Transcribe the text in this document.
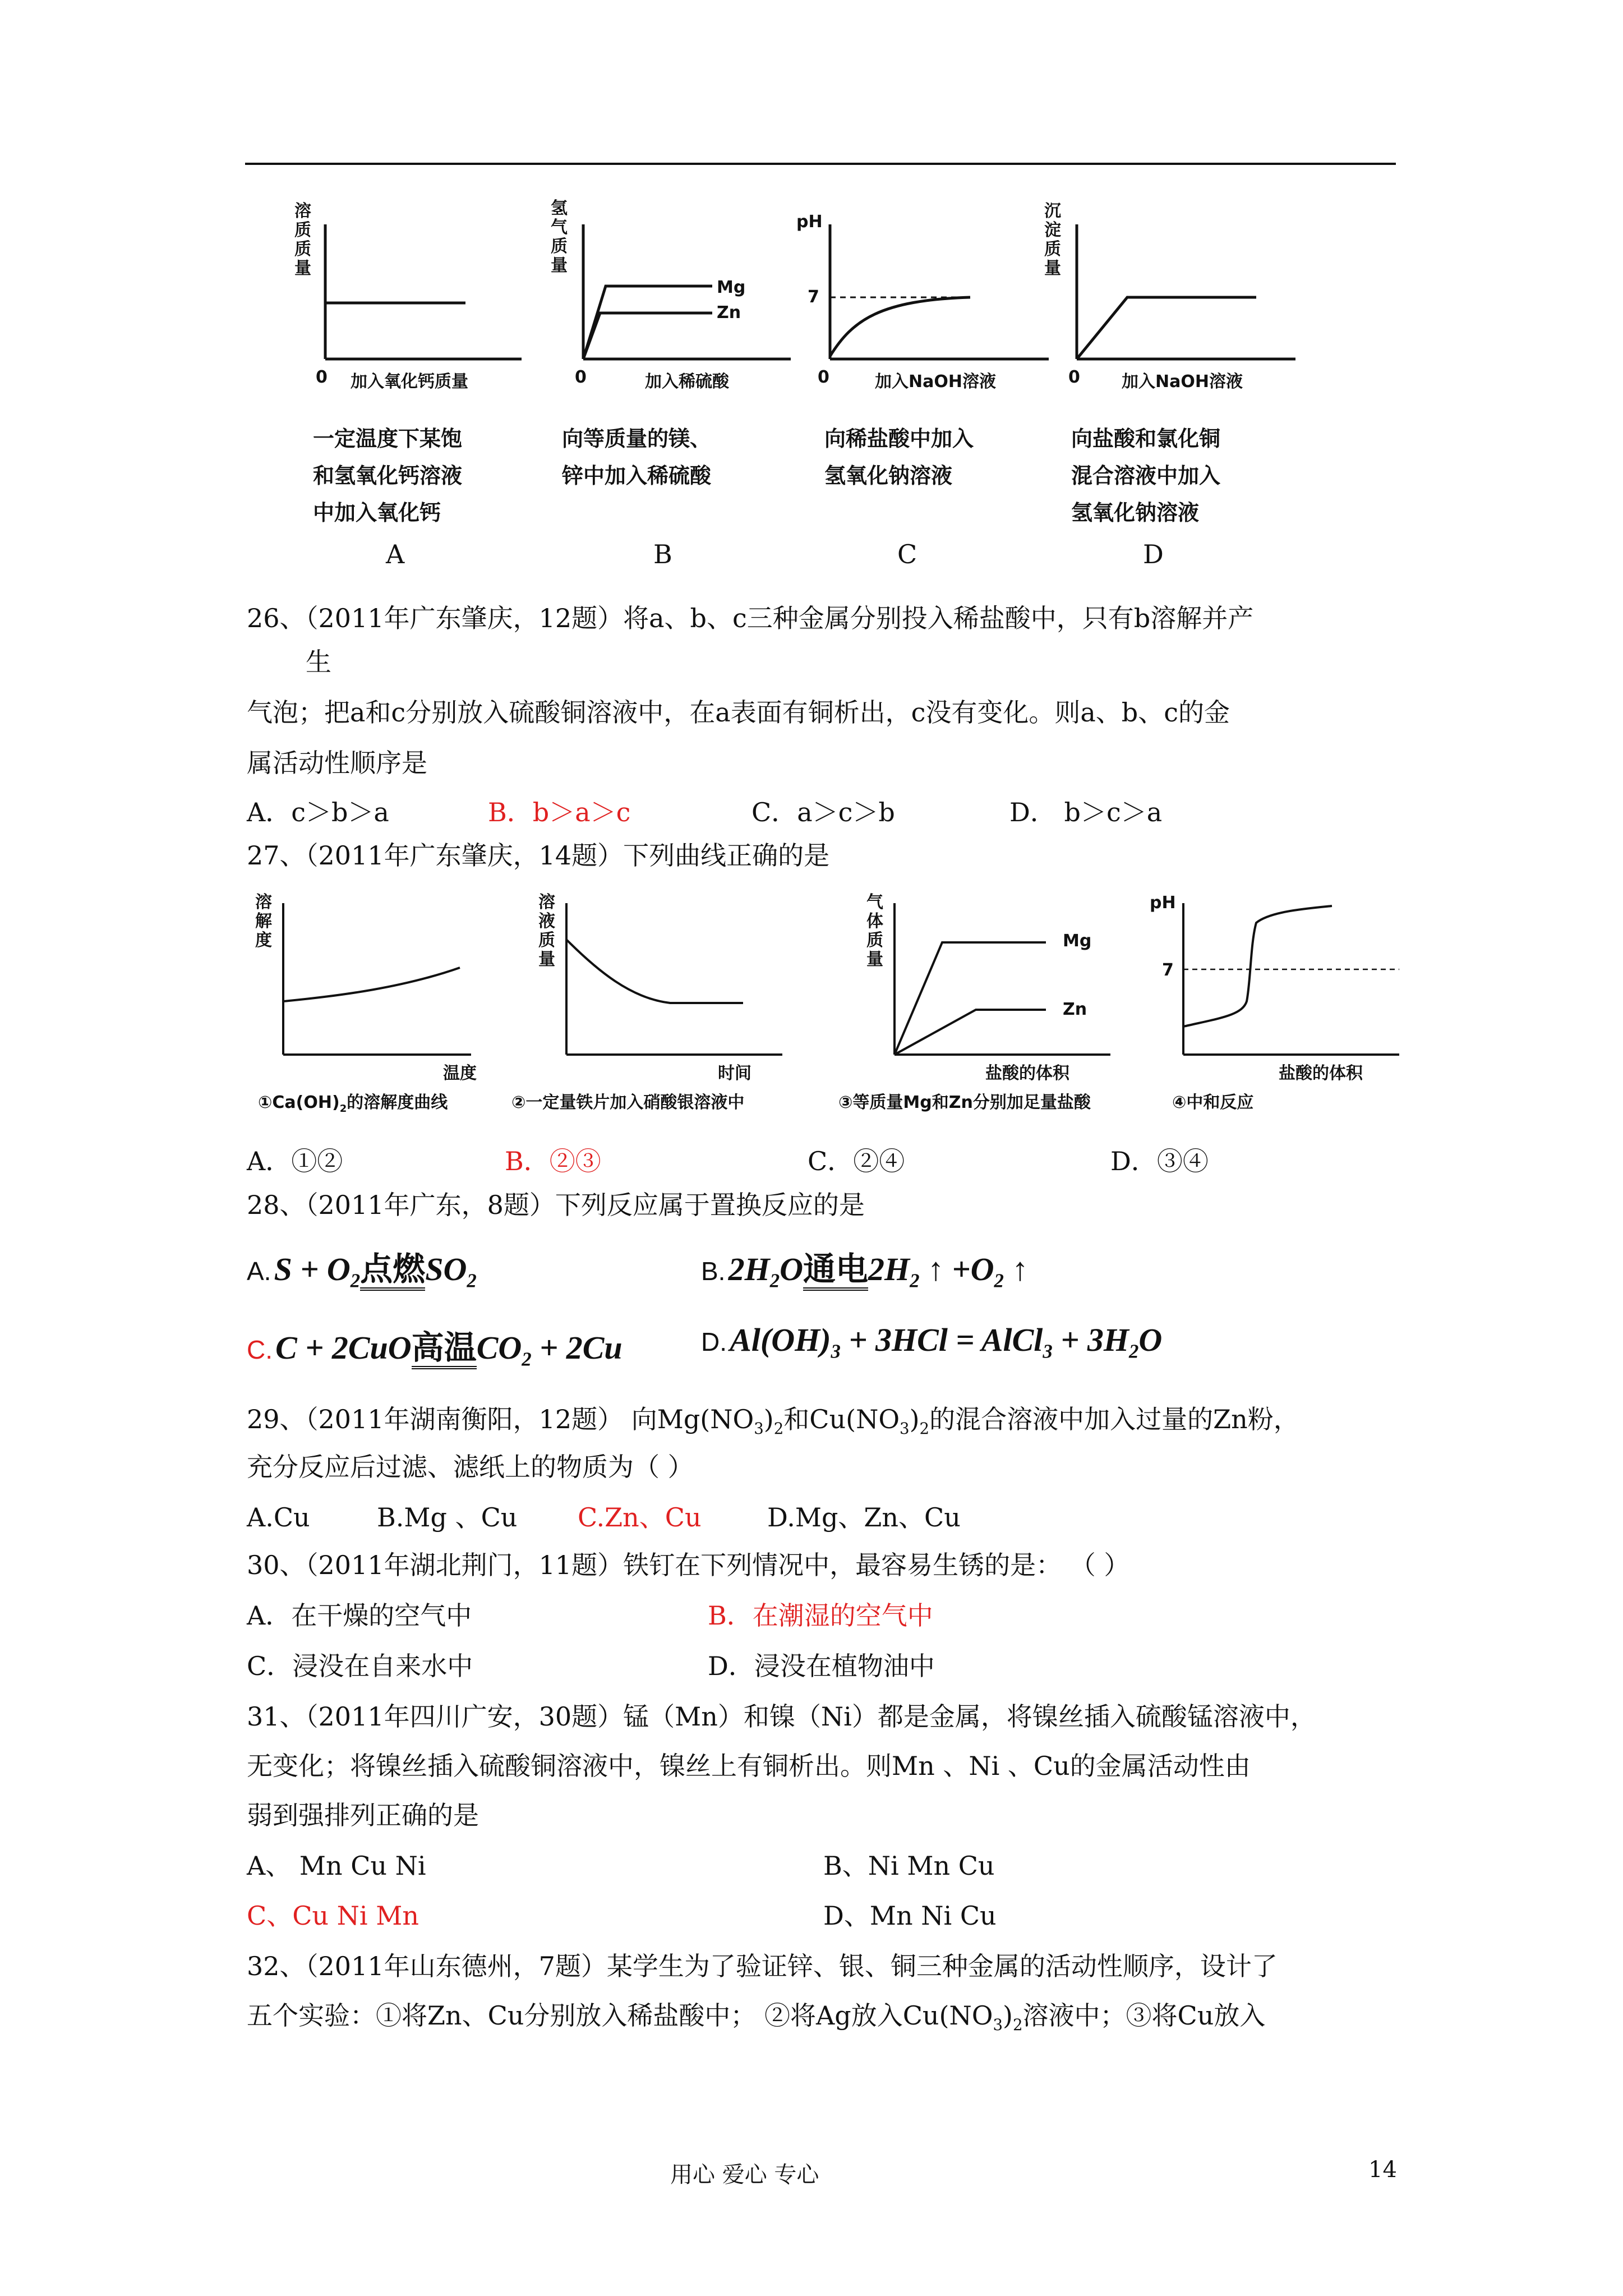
溶质质量
0 加入氧化钙质量
一定温度下某饱
和氢氧化钙溶液
中加入氧化钙
A
氢气质量
Mg
Zn
0	加入稀硫酸
向等质量的镁、
锌中加入稀硫酸
B
pH
7
0	加入NaOH溶液
向稀盐酸中加入
氢氧化钠溶液
C
沉淀质量
0 加入NaOH溶液
向盐酸和氯化铜
混合溶液中加入
氢氧化钠溶液
D
26、（2011年广东肇庆，12题）将a、b、c三种金属分别投入稀盐酸中，只有b溶解并产
生
气泡；把a和c分别放入硫酸铜溶液中，在a表面有铜析出，c没有变化。则a、b、c的金
属活动性顺序是
A．c＞b＞a	B．b＞a＞c	C．a＞c＞b	D． b＞c＞a
27、（2011年广东肇庆，14题）下列曲线正确的是
溶解度
温度
$①Ca(OH)_2$的溶解度曲线
溶液质量
时间
②一定量铁片加入硝酸银溶液中
气体质量
Mg
Zn
盐酸的体积
③等质量Mg和Zn分别加足量盐酸
pH
7
盐酸的体积
④中和反应
A．①②	B．②③	C．②④	D．③④
28、（2011年广东，8题）下列反应属于置换反应的是
A. $S + O_2$点燃$SO_2$	B. $2H_2O$通电$2H_2$ ↑ $+O_2$ ↑
C. C + 2CuO高温$CO_2 + 2Cu$	D. $Al(OH)_3 + 3HCl$ = AlCl$_3$ + $3H_2O$
29、（2011年湖南衡阳，12题） 向$Mg(NO_3)_2$和$Cu(NO_3)_2$的混合溶液中加入过量的Zn粉，
充分反应后过滤、滤纸上的物质为（ ）
A.Cu	B.Mg 、Cu C.Zn、Cu	D.Mg、Zn、Cu
30、（2011年湖北荆门，11题）铁钉在下列情况中，最容易生锈的是： （ ）
A．在干燥的空气中	B．在潮湿的空气中
C．浸没在自来水中	D．浸没在植物油中
31、（2011年四川广安，30题）锰（Mn）和镍（Ni）都是金属，将镍丝插入硫酸锰溶液中，
无变化；将镍丝插入硫酸铜溶液中，镍丝上有铜析出。则Mn 、Ni 、Cu的金属活动性由
弱到强排列正确的是
A、 Mn Cu Ni	B、Ni Mn Cu
C、Cu Ni Mn	D、Mn Ni Cu
32、（2011年山东德州，7题）某学生为了验证锌、银、铜三种金属的活动性顺序，设计了
五个实验：①将Zn、Cu分别放入稀盐酸中； ②将Ag放入$Cu(NO_3)_2$溶液中；③将Cu放入
用心 爱心 专心	14
